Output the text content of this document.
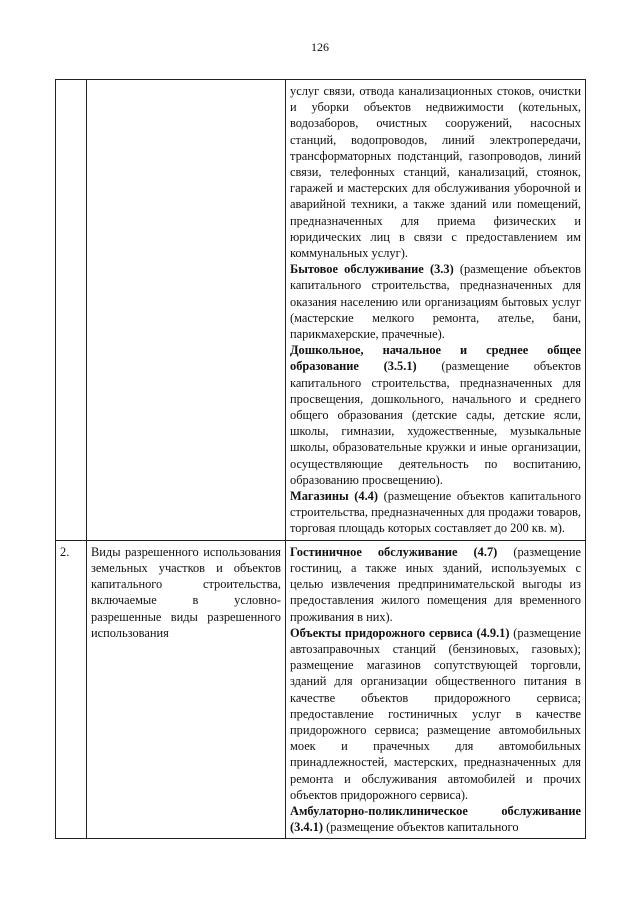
126

		услуг связи, отвода канализационных стоков, очистки и уборки объектов недвижимости (котельных, водозаборов, очистных сооружений, насосных станций, водопроводов, линий электропередачи, трансформаторных подстанций, газопроводов, линий связи, телефонных станций, канализаций, стоянок, гаражей и мастерских для обслуживания уборочной и аварийной техники, а также зданий или помещений, предназначенных для приема физических и юридических лиц в связи с предоставлением им коммунальных услуг).

Бытовое обслуживание (3.3) (размещение объектов капитального строительства, предназначенных для оказания населению или организациям бытовых услуг (мастерские мелкого ремонта, ателье, бани, парикмахерские, прачечные).

Дошкольное, начальное и среднее общее образование (3.5.1) (размещение объектов капитального строительства, предназначенных для просвещения, дошкольного, начального и среднего общего образования (детские сады, детские ясли, школы, гимназии, художественные, музыкальные школы, образовательные кружки и иные организации, осуществляющие деятельность по воспитанию, образованию просвещению).

Магазины (4.4) (размещение объектов капитального строительства, предназначенных для продажи товаров, торговая площадь которых составляет до 200 кв. м).

2.	Виды разрешенного использования земельных участков и объектов капитального строительства, включаемые в условно-разрешенные виды разрешенного использования	Гостиничное обслуживание (4.7) (размещение гостиниц, а также иных зданий, используемых с целью извлечения предпринимательской выгоды из предоставления жилого помещения для временного проживания в них).

Объекты придорожного сервиса (4.9.1) (размещение автозаправочных станций (бензиновых, газовых); размещение магазинов сопутствующей торговли, зданий для организации общественного питания в качестве объектов придорожного сервиса; предоставление гостиничных услуг в качестве придорожного сервиса; размещение автомобильных моек и прачечных для автомобильных принадлежностей, мастерских, предназначенных для ремонта и обслуживания автомобилей и прочих объектов придорожного сервиса).

Амбулаторно-поликлиническое обслуживание (3.4.1) (размещение объектов капитального
